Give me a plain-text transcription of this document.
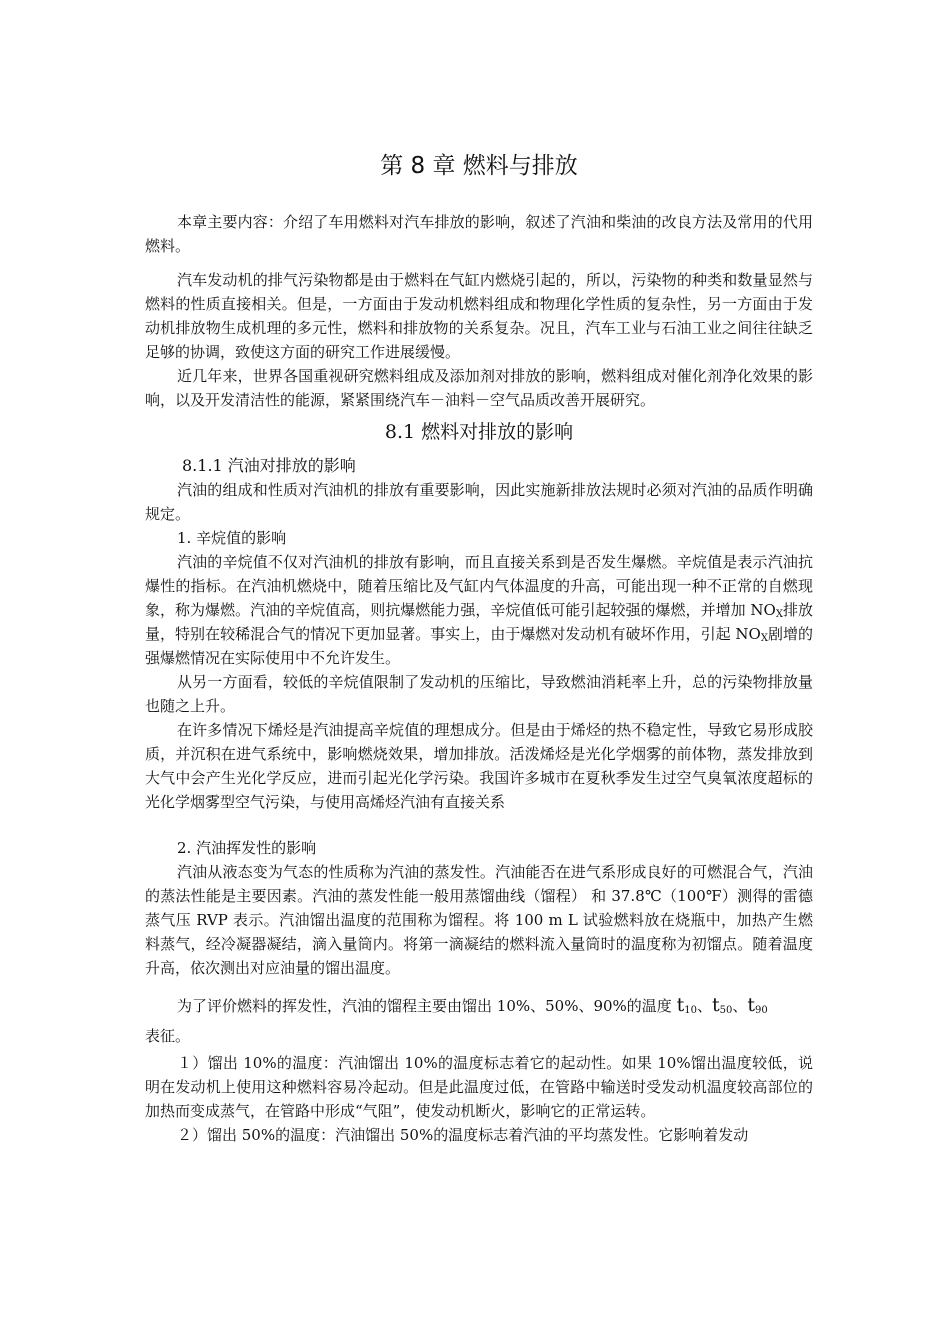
第 8 章 燃料与排放

本章主要内容：介绍了车用燃料对汽车排放的影响，叙述了汽油和柴油的改良方法及常用的代用燃料。

汽车发动机的排气污染物都是由于燃料在气缸内燃烧引起的，所以，污染物的种类和数量显然与燃料的性质直接相关。但是，一方面由于发动机燃料组成和物理化学性质的复杂性，另一方面由于发动机排放物生成机理的多元性，燃料和排放物的关系复杂。况且，汽车工业与石油工业之间往往缺乏足够的协调，致使这方面的研究工作进展缓慢。

近几年来，世界各国重视研究燃料组成及添加剂对排放的影响，燃料组成对催化剂净化效果的影响，以及开发清洁性的能源，紧紧围绕汽车－油料－空气品质改善开展研究。

8.1 燃料对排放的影响
8.1.1 汽油对排放的影响

汽油的组成和性质对汽油机的排放有重要影响，因此实施新排放法规时必须对汽油的品质作明确规定。

1. 辛烷值的影响

汽油的辛烷值不仅对汽油机的排放有影响，而且直接关系到是否发生爆燃。辛烷值是表示汽油抗爆性的指标。在汽油机燃烧中，随着压缩比及气缸内气体温度的升高，可能出现一种不正常的自燃现象，称为爆燃。汽油的辛烷值高，则抗爆燃能力强，辛烷值低可能引起较强的爆燃，并增加 $NO_X$排放量，特别在较稀混合气的情况下更加显著。事实上，由于爆燃对发动机有破坏作用，引起 $NO_X$剧增的强爆燃情况在实际使用中不允许发生。

从另一方面看，较低的辛烷值限制了发动机的压缩比，导致燃油消耗率上升，总的污染物排放量也随之上升。

在许多情况下烯烃是汽油提高辛烷值的理想成分。但是由于烯烃的热不稳定性，导致它易形成胶质，并沉积在进气系统中，影响燃烧效果，增加排放。活泼烯烃是光化学烟雾的前体物，蒸发排放到大气中会产生光化学反应，进而引起光化学污染。我国许多城市在夏秋季发生过空气臭氧浓度超标的光化学烟雾型空气污染，与使用高烯烃汽油有直接关系

2. 汽油挥发性的影响

汽油从液态变为气态的性质称为汽油的蒸发性。汽油能否在进气系形成良好的可燃混合气，汽油的蒸法性能是主要因素。汽油的蒸发性能一般用蒸馏曲线（馏程） 和 37.8℃（100℉）测得的雷德蒸气压 RVP 表示。汽油馏出温度的范围称为馏程。将 100 m L 试验燃料放在烧瓶中，加热产生燃料蒸气，经冷凝器凝结，滴入量筒内。将第一滴凝结的燃料流入量筒时的温度称为初馏点。随着温度升高，依次测出对应油量的馏出温度。

为了评价燃料的挥发性，汽油的馏程主要由馏出 10%、50%、90%的温度 $t_{10}$、$t_{50}$、$t_{90}$
表征。

１）馏出 10%的温度：汽油馏出 10%的温度标志着它的起动性。如果 10%馏出温度较低，说明在发动机上使用这种燃料容易冷起动。但是此温度过低，在管路中输送时受发动机温度较高部位的加热而变成蒸气，在管路中形成“气阻”，使发动机断火，影响它的正常运转。

２）馏出 50%的温度：汽油馏出 50%的温度标志着汽油的平均蒸发性。它影响着发动
